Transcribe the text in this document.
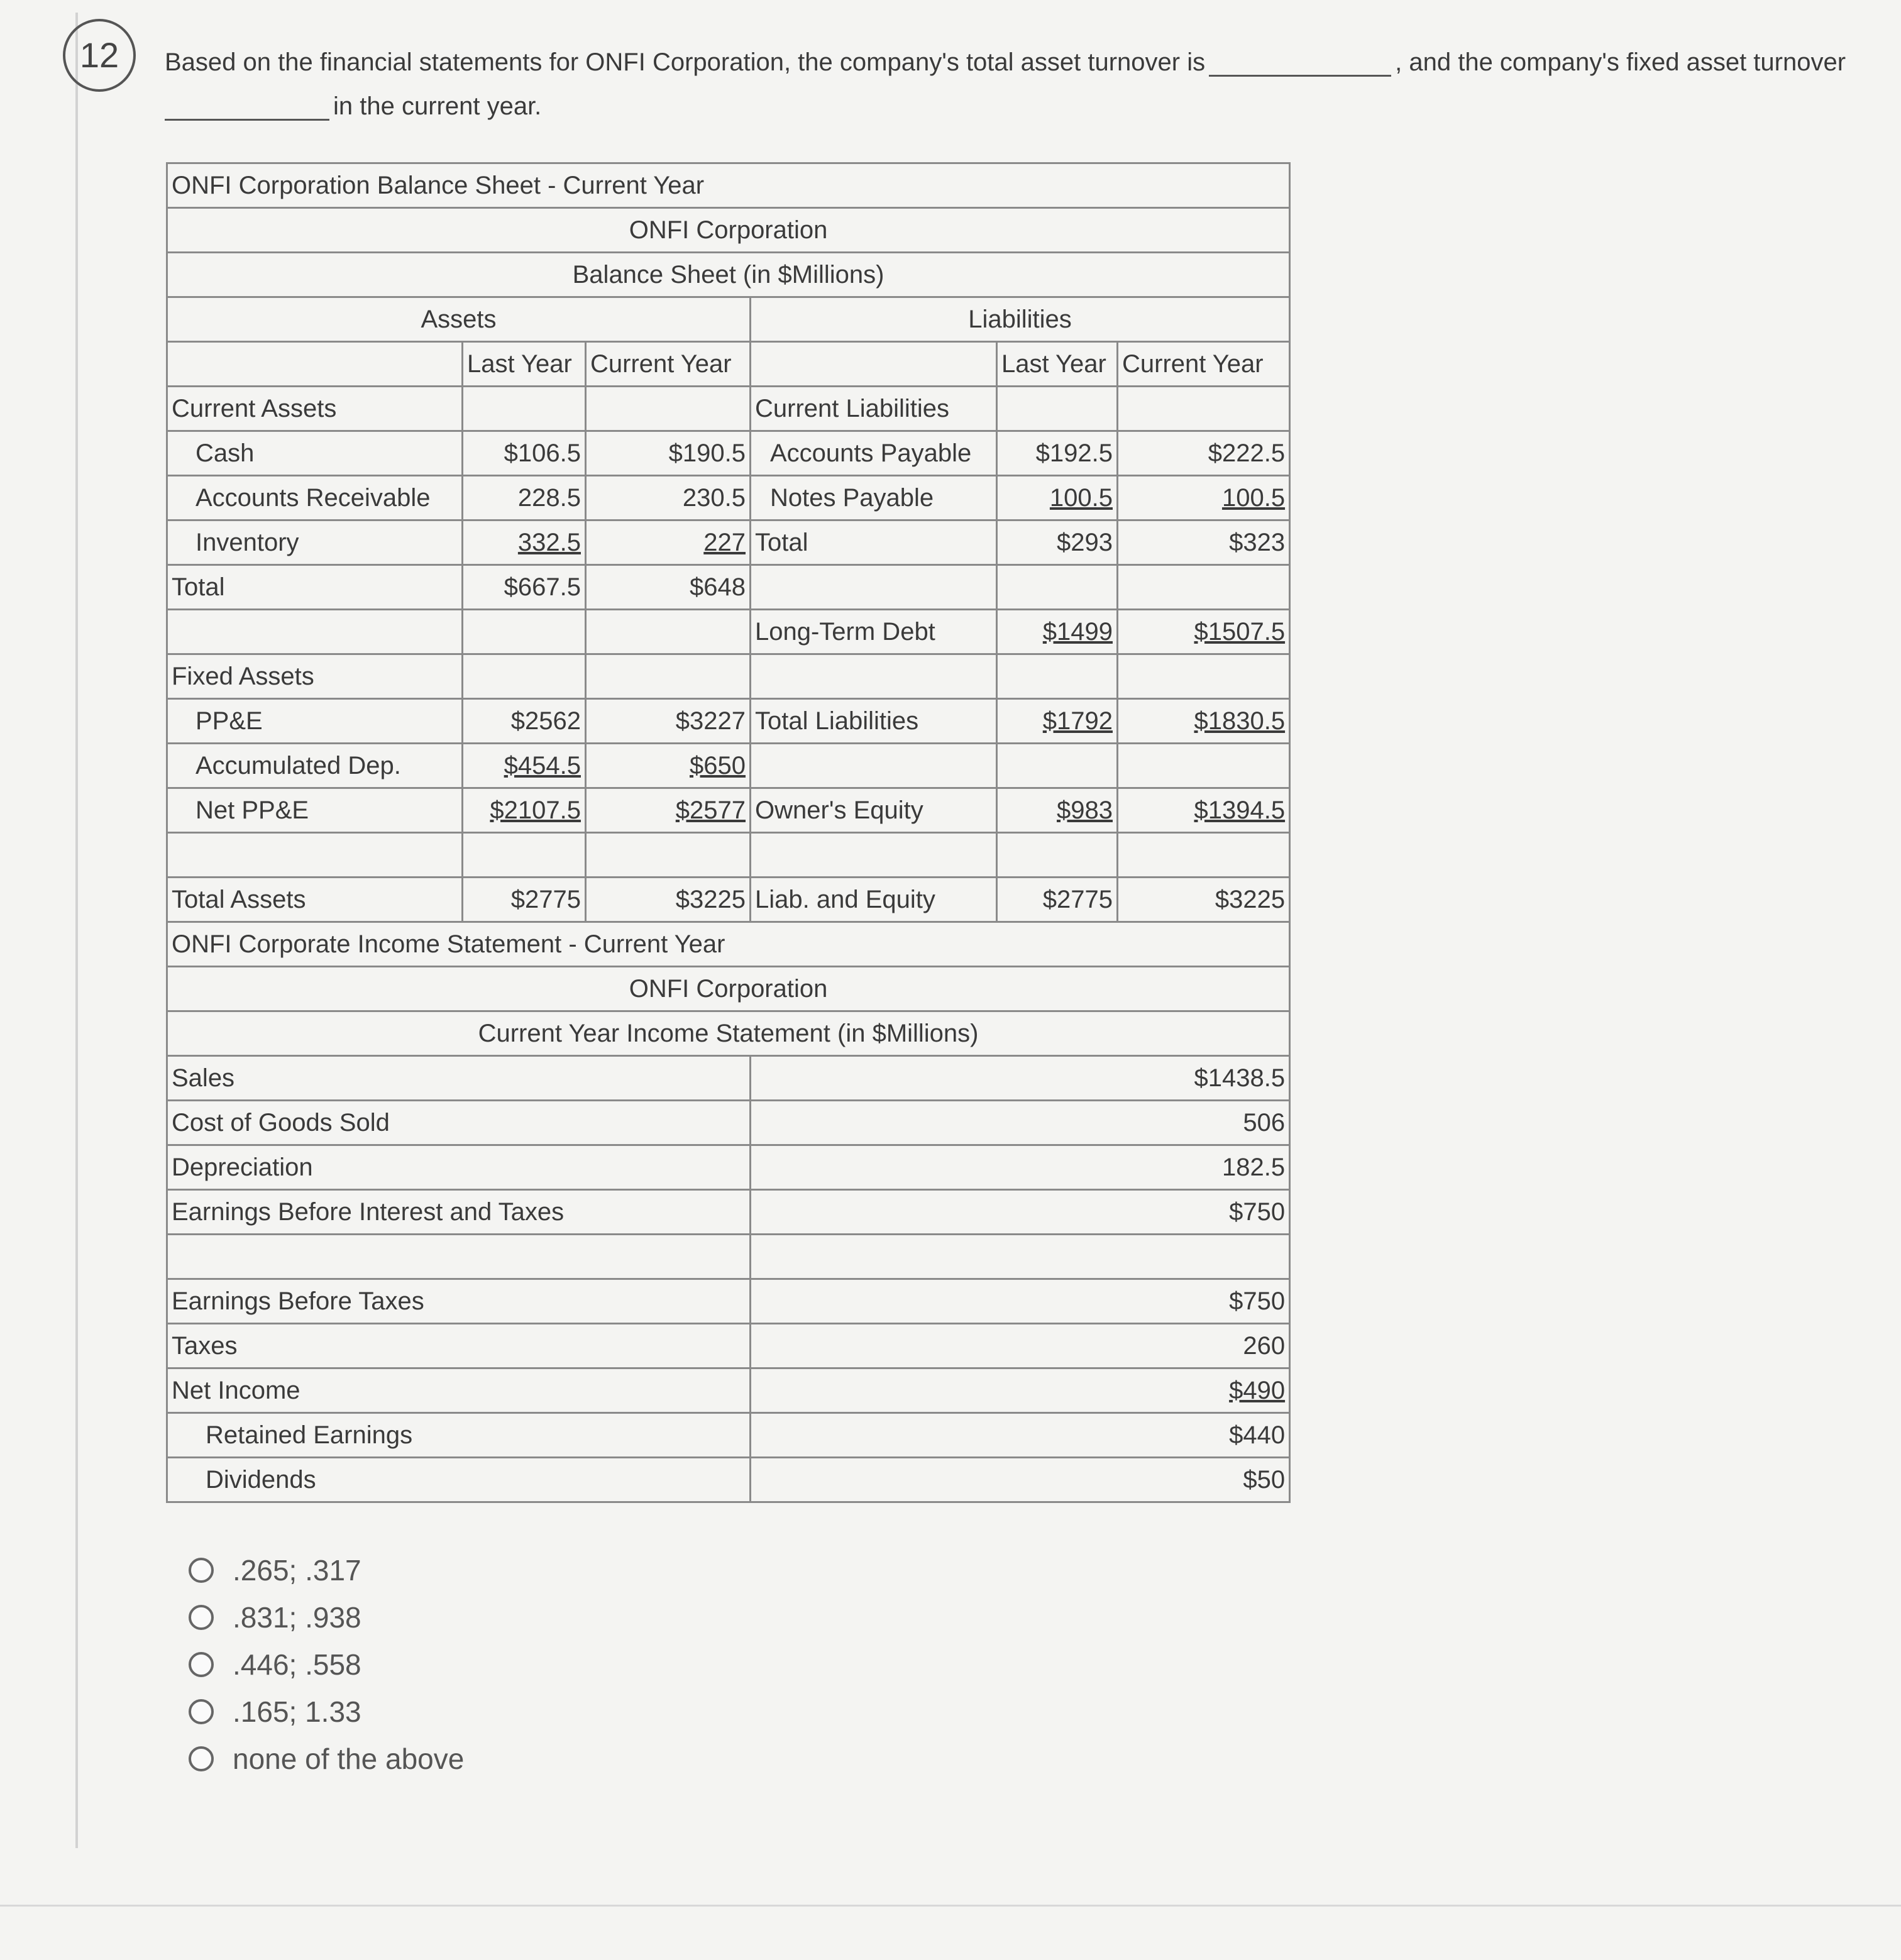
12	Based on the financial statements for ONFI Corporation, the company's total asset turnover is	, and the company's fixed asset turnover
in the current year.
ONFI Corporation Balance Sheet - Current Year					
ONFI Corporation					
Balance Sheet (in $Millions)					
Assets			Liabilities		
	Last Year	Current Year		Last Year	Current Year
Current Assets			Current Liabilities		
Cash	$106.5	$190.5	Accounts Payable	$192.5	$222.5
Accounts Receivable	228.5	230.5	Notes Payable	100.5	100.5
Inventory	332.5	227	Total	$293	$323
Total	$667.5	$648			
			Long-Term Debt	$1499	$1507.5
Fixed Assets					
PP&E	$2562	$3227	Total Liabilities	$1792	$1830.5
Accumulated Dep.	$454.5	$650			
Net PP&E	$2107.5	$2577	Owner's Equity	$983	$1394.5

Total Assets	$2775	$3225	Liab. and Equity	$2775	$3225
ONFI Corporate Income Statement - Current Year					
ONFI Corporation					
Current Year Income Statement (in $Millions)					
Sales			$1438.5		
Cost of Goods Sold			506		
Depreciation			182.5		
Earnings Before Interest and Taxes			$750		

Earnings Before Taxes			$750		
Taxes			260		
Net Income			$490		
Retained Earnings			$440		
Dividends			$50		
.265; .317
.831; .938
.446; .558
.165; 1.33
none of the above
